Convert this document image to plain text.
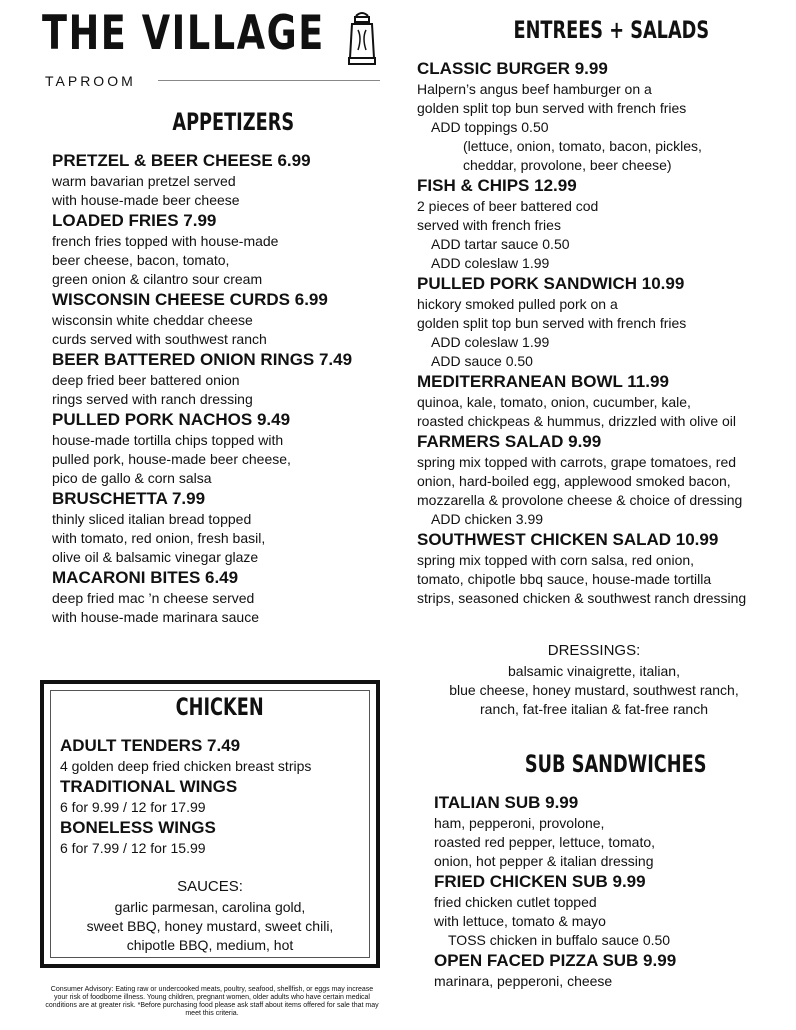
THE VILLAGE
TAPROOM
APPETIZERS
PRETZEL & BEER CHEESE 6.99
warm bavarian pretzel served
with house-made beer cheese
LOADED FRIES 7.99
french fries topped with house-made
beer cheese, bacon, tomato,
green onion & cilantro sour cream
WISCONSIN CHEESE CURDS 6.99
wisconsin white cheddar cheese
curds served with southwest ranch
BEER BATTERED ONION RINGS 7.49
deep fried beer battered onion
rings served with ranch dressing
PULLED PORK NACHOS 9.49
house-made tortilla chips topped with
pulled pork, house-made beer cheese,
pico de gallo & corn salsa
BRUSCHETTA 7.99
thinly sliced italian bread topped
with tomato, red onion, fresh basil,
olive oil & balsamic vinegar glaze
MACARONI BITES 6.49
deep fried mac ’n cheese served
with house-made marinara sauce
CHICKEN
ADULT TENDERS 7.49
4 golden deep fried chicken breast strips
TRADITIONAL WINGS
6 for 9.99 / 12 for 17.99
BONELESS WINGS
6 for 7.99 / 12 for 15.99
SAUCES:
garlic parmesan, carolina gold,
sweet BBQ, honey mustard, sweet chili,
chipotle BBQ, medium, hot
Consumer Advisory: Eating raw or undercooked meats, poultry, seafood, shellfish, or eggs may increase your risk of foodborne illness. Young children, pregnant women, older adults who have certain medical conditions are at greater risk. *Before purchasing food please ask staff about items offered for sale that may meet this criteria.
ENTREES + SALADS
CLASSIC BURGER 9.99
Halpern’s angus beef hamburger on a
golden split top bun served with french fries
ADD toppings 0.50
(lettuce, onion, tomato, bacon, pickles,
cheddar, provolone, beer cheese)
FISH & CHIPS 12.99
2 pieces of beer battered cod
served with french fries
ADD tartar sauce 0.50
ADD coleslaw 1.99
PULLED PORK SANDWICH 10.99
hickory smoked pulled pork on a
golden split top bun served with french fries
ADD coleslaw 1.99
ADD sauce 0.50
MEDITERRANEAN BOWL 11.99
quinoa, kale, tomato, onion, cucumber, kale,
roasted chickpeas & hummus, drizzled with olive oil
FARMERS SALAD 9.99
spring mix topped with carrots, grape tomatoes, red
onion, hard-boiled egg, applewood smoked bacon,
mozzarella & provolone cheese & choice of dressing
ADD chicken 3.99
SOUTHWEST CHICKEN SALAD 10.99
spring mix topped with corn salsa, red onion,
tomato, chipotle bbq sauce, house-made tortilla
strips, seasoned chicken & southwest ranch dressing
DRESSINGS:
balsamic vinaigrette, italian,
blue cheese, honey mustard, southwest ranch,
ranch, fat-free italian & fat-free ranch
SUB SANDWICHES
ITALIAN SUB 9.99
ham, pepperoni, provolone,
roasted red pepper, lettuce, tomato,
onion, hot pepper & italian dressing
FRIED CHICKEN SUB 9.99
fried chicken cutlet topped
with lettuce, tomato & mayo
TOSS chicken in buffalo sauce 0.50
OPEN FACED PIZZA SUB 9.99
marinara, pepperoni, cheese
